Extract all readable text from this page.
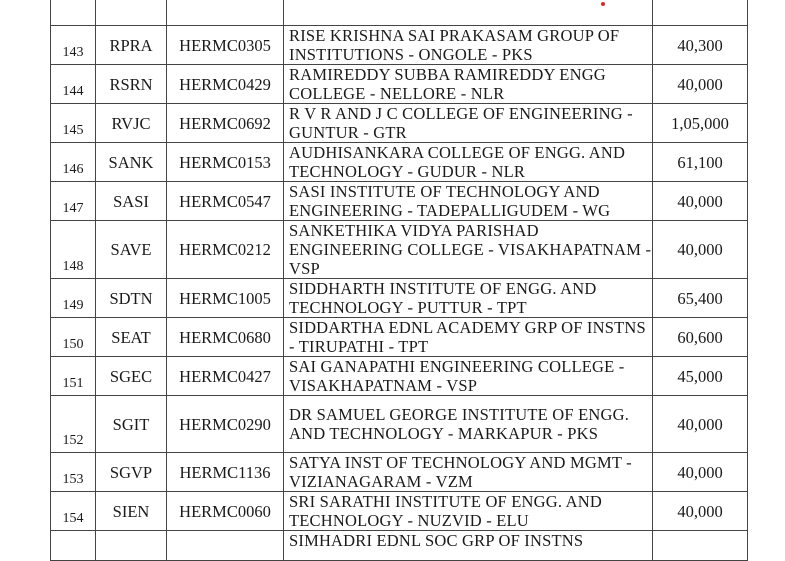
143	RPRA	HERMC0305	RISE KRISHNA SAI PRAKASAM GROUP OF INSTITUTIONS - ONGOLE - PKS	40,300
144	RSRN	HERMC0429	RAMIREDDY SUBBA RAMIREDDY ENGG COLLEGE - NELLORE - NLR	40,000
145	RVJC	HERMC0692	R V R AND J C COLLEGE OF ENGINEERING - GUNTUR - GTR	1,05,000
146	SANK	HERMC0153	AUDHISANKARA COLLEGE OF ENGG. AND TECHNOLOGY - GUDUR - NLR	61,100
147	SASI	HERMC0547	SASI INSTITUTE OF TECHNOLOGY AND ENGINEERING - TADEPALLIGUDEM - WG	40,000
148	SAVE	HERMC0212	SANKETHIKA VIDYA PARISHAD ENGINEERING COLLEGE - VISAKHAPATNAM - VSP	40,000
149	SDTN	HERMC1005	SIDDHARTH INSTITUTE OF ENGG. AND TECHNOLOGY - PUTTUR - TPT	65,400
150	SEAT	HERMC0680	SIDDARTHA EDNL ACADEMY GRP OF INSTNS - TIRUPATHI - TPT	60,600
151	SGEC	HERMC0427	SAI GANAPATHI ENGINEERING COLLEGE - VISAKHAPATNAM - VSP	45,000
152	SGIT	HERMC0290	DR SAMUEL GEORGE INSTITUTE OF ENGG. AND TECHNOLOGY - MARKAPUR - PKS	40,000
153	SGVP	HERMC1136	SATYA INST OF TECHNOLOGY AND MGMT - VIZIANAGARAM - VZM	40,000
154	SIEN	HERMC0060	SRI SARATHI INSTITUTE OF ENGG. AND TECHNOLOGY - NUZVID - ELU	40,000
			SIMHADRI EDNL SOC GRP OF INSTNS	
